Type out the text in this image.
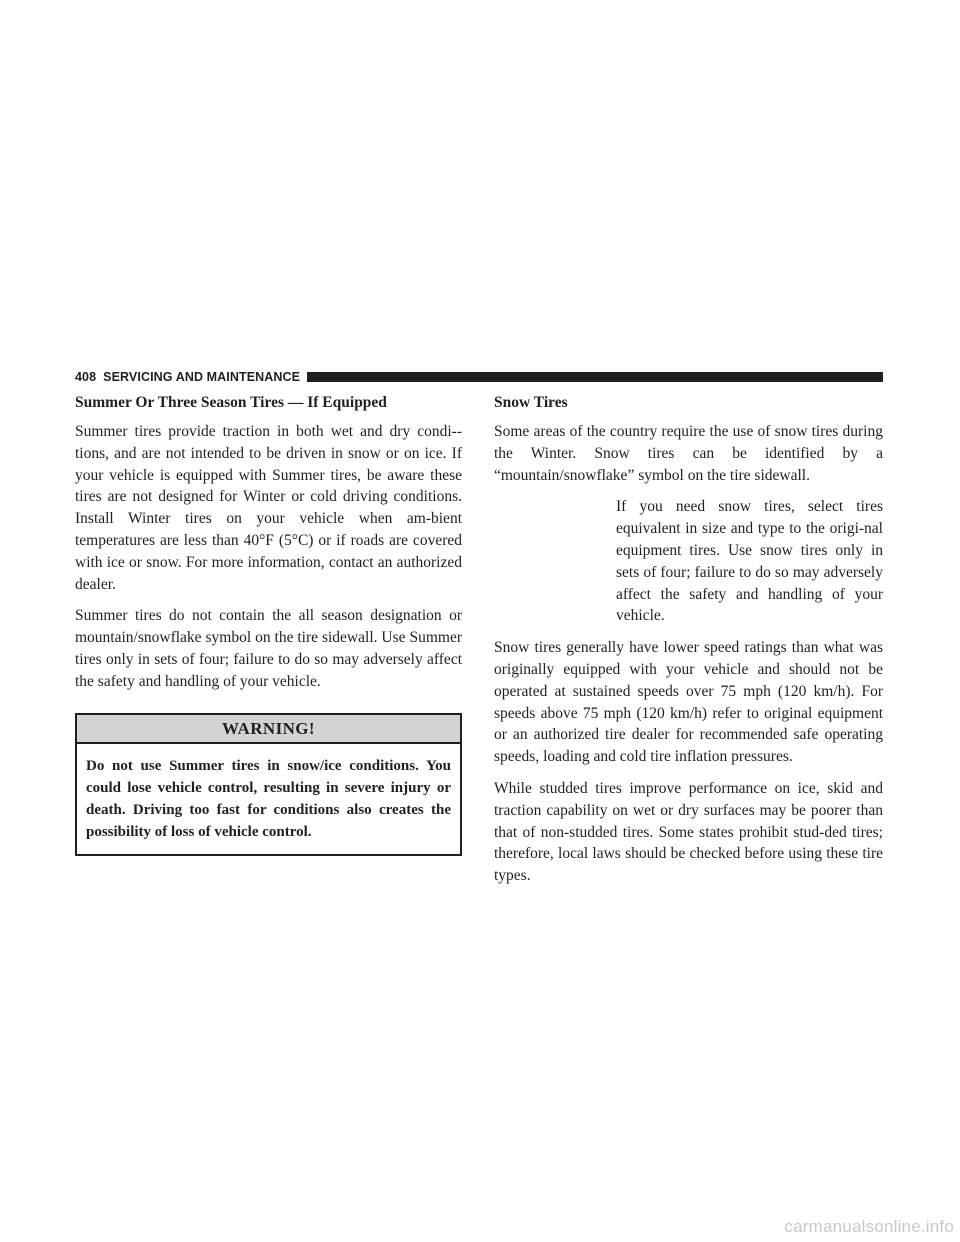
408 SERVICING AND MAINTENANCE
Summer Or Three Season Tires — If Equipped

Summer tires provide traction in both wet and dry condi-tions, and are not intended to be driven in snow or on ice. If your vehicle is equipped with Summer tires, be aware these tires are not designed for Winter or cold driving conditions. Install Winter tires on your vehicle when am-bient temperatures are less than 40°F (5°C) or if roads are covered with ice or snow. For more information, contact an authorized dealer.

Summer tires do not contain the all season designation or mountain/snowflake symbol on the tire sidewall. Use Summer tires only in sets of four; failure to do so may adversely affect the safety and handling of your vehicle.

WARNING!
Do not use Summer tires in snow/ice conditions. You could lose vehicle control, resulting in severe injury or death. Driving too fast for conditions also creates the possibility of loss of vehicle control.
Snow Tires

Some areas of the country require the use of snow tires during the Winter. Snow tires can be identified by a “mountain/snowflake” symbol on the tire sidewall.

If you need snow tires, select tires equivalent in size and type to the origi-nal equipment tires. Use snow tires only in sets of four; failure to do so may adversely affect the safety and handling of your vehicle.

Snow tires generally have lower speed ratings than what was originally equipped with your vehicle and should not be operated at sustained speeds over 75 mph (120 km/h). For speeds above 75 mph (120 km/h) refer to original equipment or an authorized tire dealer for recommended safe operating speeds, loading and cold tire inflation pressures.

While studded tires improve performance on ice, skid and traction capability on wet or dry surfaces may be poorer than that of non-studded tires. Some states prohibit stud-ded tires; therefore, local laws should be checked before using these tire types.

carmanualsonline.info
